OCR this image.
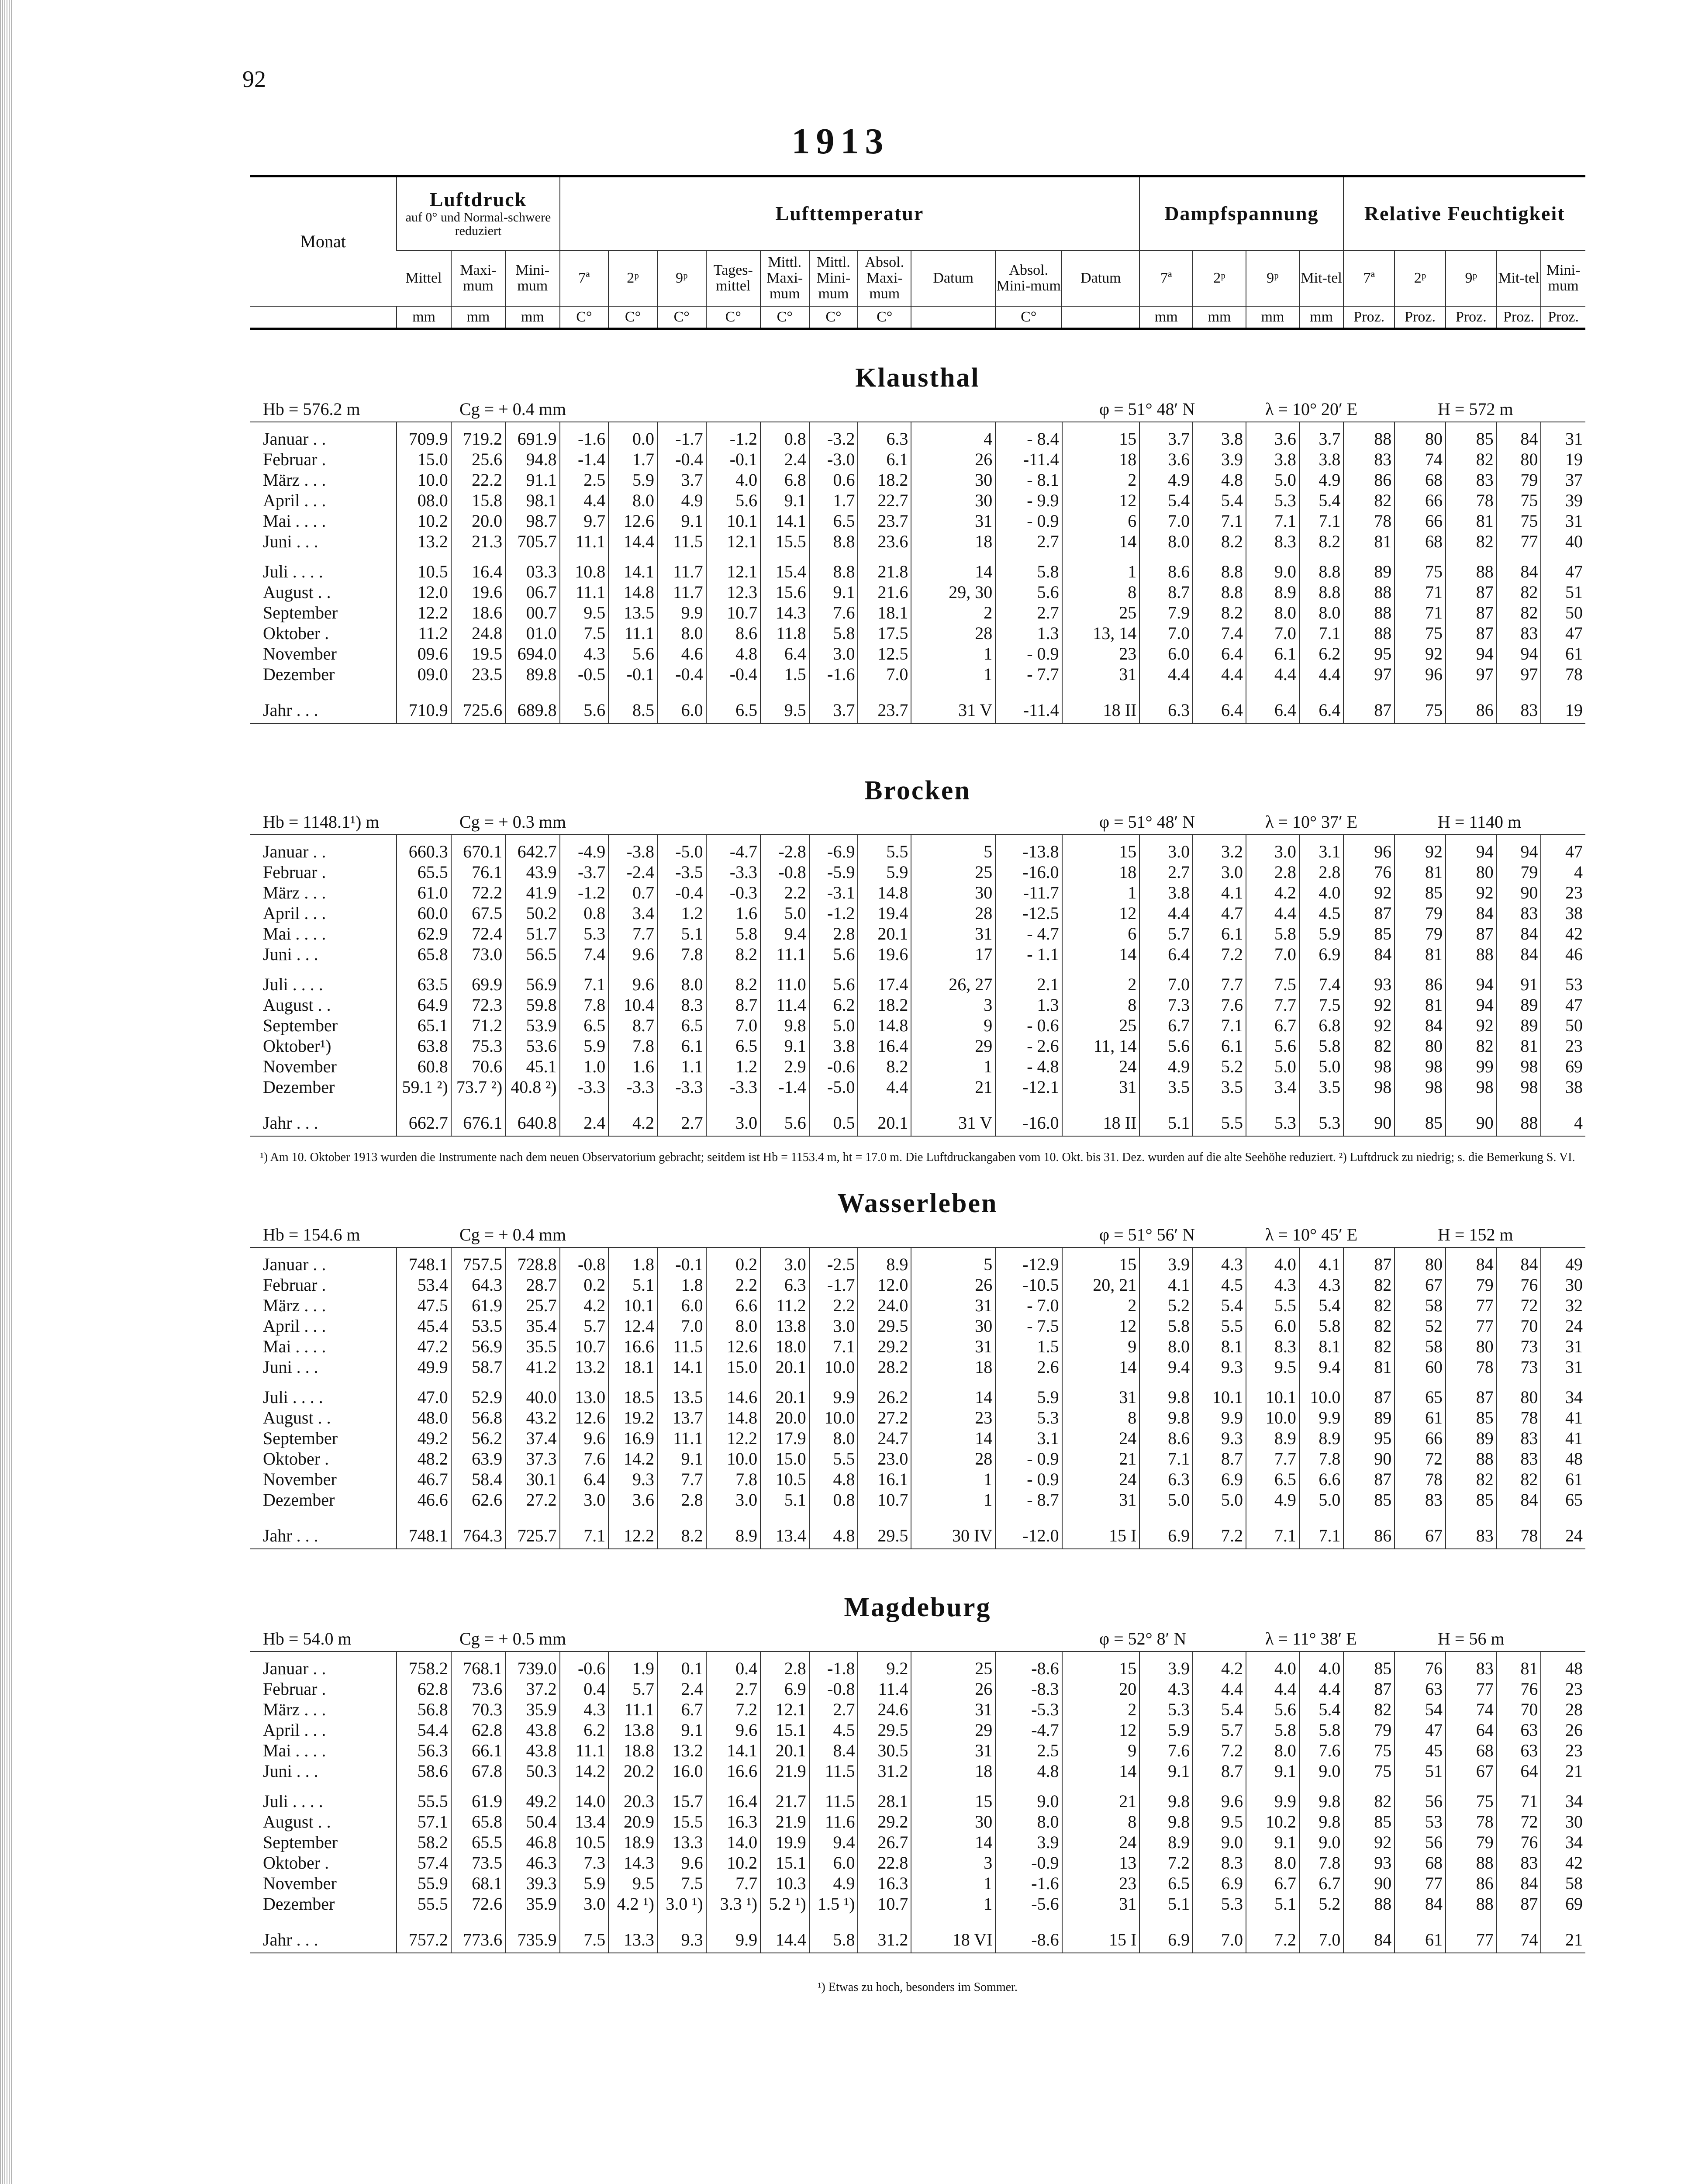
92
1913
Monat	Luftdruck
auf 0° und Normal-schwere reduziert			Lufttemperatur										Dampfspannung				Relative Feuchtigkeit				
	Mittel	Maxi-mum	Mini-mum	7ª	2ᵖ	9ᵖ	Tages-mittel	Mittl. Maxi-mum	Mittl. Mini-mum	Absol. Maxi-mum	Datum	Absol. Mini-mum	Datum	7ª	2ᵖ	9ᵖ	Mit-tel	7ª	2ᵖ	9ᵖ	Mit-tel	Mini-mum
	mm	mm	mm	C°	C°	C°	C°	C°	C°	C°		C°		mm	mm	mm	mm	Proz.	Proz.	Proz.	Proz.	Proz.
Klausthal
Hb = 576.2 m	Cg = + 0.4 mm	φ = 51° 48′ N	λ = 10° 20′ E	H = 572 m
Januar . .	709.9	719.2	691.9	-1.6	0.0	-1.7	-1.2	0.8	-3.2	6.3	4	- 8.4	15	3.7	3.8	3.6	3.7	88	80	85	84	31
Februar .	15.0	25.6	94.8	-1.4	1.7	-0.4	-0.1	2.4	-3.0	6.1	26	-11.4	18	3.6	3.9	3.8	3.8	83	74	82	80	19
März . . .	10.0	22.2	91.1	2.5	5.9	3.7	4.0	6.8	0.6	18.2	30	- 8.1	2	4.9	4.8	5.0	4.9	86	68	83	79	37
April . . .	08.0	15.8	98.1	4.4	8.0	4.9	5.6	9.1	1.7	22.7	30	- 9.9	12	5.4	5.4	5.3	5.4	82	66	78	75	39
Mai . . . .	10.2	20.0	98.7	9.7	12.6	9.1	10.1	14.1	6.5	23.7	31	- 0.9	6	7.0	7.1	7.1	7.1	78	66	81	75	31
Juni . . .	13.2	21.3	705.7	11.1	14.4	11.5	12.1	15.5	8.8	23.6	18	2.7	14	8.0	8.2	8.3	8.2	81	68	82	77	40
Juli . . . .	10.5	16.4	03.3	10.8	14.1	11.7	12.1	15.4	8.8	21.8	14	5.8	1	8.6	8.8	9.0	8.8	89	75	88	84	47
August . .	12.0	19.6	06.7	11.1	14.8	11.7	12.3	15.6	9.1	21.6	29, 30	5.6	8	8.7	8.8	8.9	8.8	88	71	87	82	51
September	12.2	18.6	00.7	9.5	13.5	9.9	10.7	14.3	7.6	18.1	2	2.7	25	7.9	8.2	8.0	8.0	88	71	87	82	50
Oktober .	11.2	24.8	01.0	7.5	11.1	8.0	8.6	11.8	5.8	17.5	28	1.3	13, 14	7.0	7.4	7.0	7.1	88	75	87	83	47
November	09.6	19.5	694.0	4.3	5.6	4.6	4.8	6.4	3.0	12.5	1	- 0.9	23	6.0	6.4	6.1	6.2	95	92	94	94	61
Dezember	09.0	23.5	89.8	-0.5	-0.1	-0.4	-0.4	1.5	-1.6	7.0	1	- 7.7	31	4.4	4.4	4.4	4.4	97	96	97	97	78
Jahr . . .	710.9	725.6	689.8	5.6	8.5	6.0	6.5	9.5	3.7	23.7	31 V	-11.4	18 II	6.3	6.4	6.4	6.4	87	75	86	83	19
Brocken
Hb = 1148.1¹) m	Cg = + 0.3 mm	φ = 51° 48′ N	λ = 10° 37′ E	H = 1140 m
Januar . .	660.3	670.1	642.7	-4.9	-3.8	-5.0	-4.7	-2.8	-6.9	5.5	5	-13.8	15	3.0	3.2	3.0	3.1	96	92	94	94	47
Februar .	65.5	76.1	43.9	-3.7	-2.4	-3.5	-3.3	-0.8	-5.9	5.9	25	-16.0	18	2.7	3.0	2.8	2.8	76	81	80	79	4
März . . .	61.0	72.2	41.9	-1.2	0.7	-0.4	-0.3	2.2	-3.1	14.8	30	-11.7	1	3.8	4.1	4.2	4.0	92	85	92	90	23
April . . .	60.0	67.5	50.2	0.8	3.4	1.2	1.6	5.0	-1.2	19.4	28	-12.5	12	4.4	4.7	4.4	4.5	87	79	84	83	38
Mai . . . .	62.9	72.4	51.7	5.3	7.7	5.1	5.8	9.4	2.8	20.1	31	- 4.7	6	5.7	6.1	5.8	5.9	85	79	87	84	42
Juni . . .	65.8	73.0	56.5	7.4	9.6	7.8	8.2	11.1	5.6	19.6	17	- 1.1	14	6.4	7.2	7.0	6.9	84	81	88	84	46
Juli . . . .	63.5	69.9	56.9	7.1	9.6	8.0	8.2	11.0	5.6	17.4	26, 27	2.1	2	7.0	7.7	7.5	7.4	93	86	94	91	53
August . .	64.9	72.3	59.8	7.8	10.4	8.3	8.7	11.4	6.2	18.2	3	1.3	8	7.3	7.6	7.7	7.5	92	81	94	89	47
September	65.1	71.2	53.9	6.5	8.7	6.5	7.0	9.8	5.0	14.8	9	- 0.6	25	6.7	7.1	6.7	6.8	92	84	92	89	50
Oktober¹)	63.8	75.3	53.6	5.9	7.8	6.1	6.5	9.1	3.8	16.4	29	- 2.6	11, 14	5.6	6.1	5.6	5.8	82	80	82	81	23
November	60.8	70.6	45.1	1.0	1.6	1.1	1.2	2.9	-0.6	8.2	1	- 4.8	24	4.9	5.2	5.0	5.0	98	98	99	98	69
Dezember	59.1 ²)	73.7 ²)	40.8 ²)	-3.3	-3.3	-3.3	-3.3	-1.4	-5.0	4.4	21	-12.1	31	3.5	3.5	3.4	3.5	98	98	98	98	38
Jahr . . .	662.7	676.1	640.8	2.4	4.2	2.7	3.0	5.6	0.5	20.1	31 V	-16.0	18 II	5.1	5.5	5.3	5.3	90	85	90	88	4
¹) Am 10. Oktober 1913 wurden die Instrumente nach dem neuen Observatorium gebracht; seitdem ist Hb = 1153.4 m, ht = 17.0 m. Die Luftdruckangaben vom 10. Okt. bis 31. Dez. wurden auf die alte Seehöhe reduziert. ²) Luftdruck zu niedrig; s. die Bemerkung S. VI.
Wasserleben
Hb = 154.6 m	Cg = + 0.4 mm	φ = 51° 56′ N	λ = 10° 45′ E	H = 152 m
Januar . .	748.1	757.5	728.8	-0.8	1.8	-0.1	0.2	3.0	-2.5	8.9	5	-12.9	15	3.9	4.3	4.0	4.1	87	80	84	84	49
Februar .	53.4	64.3	28.7	0.2	5.1	1.8	2.2	6.3	-1.7	12.0	26	-10.5	20, 21	4.1	4.5	4.3	4.3	82	67	79	76	30
März . . .	47.5	61.9	25.7	4.2	10.1	6.0	6.6	11.2	2.2	24.0	31	- 7.0	2	5.2	5.4	5.5	5.4	82	58	77	72	32
April . . .	45.4	53.5	35.4	5.7	12.4	7.0	8.0	13.8	3.0	29.5	30	- 7.5	12	5.8	5.5	6.0	5.8	82	52	77	70	24
Mai . . . .	47.2	56.9	35.5	10.7	16.6	11.5	12.6	18.0	7.1	29.2	31	1.5	9	8.0	8.1	8.3	8.1	82	58	80	73	31
Juni . . .	49.9	58.7	41.2	13.2	18.1	14.1	15.0	20.1	10.0	28.2	18	2.6	14	9.4	9.3	9.5	9.4	81	60	78	73	31
Juli . . . .	47.0	52.9	40.0	13.0	18.5	13.5	14.6	20.1	9.9	26.2	14	5.9	31	9.8	10.1	10.1	10.0	87	65	87	80	34
August . .	48.0	56.8	43.2	12.6	19.2	13.7	14.8	20.0	10.0	27.2	23	5.3	8	9.8	9.9	10.0	9.9	89	61	85	78	41
September	49.2	56.2	37.4	9.6	16.9	11.1	12.2	17.9	8.0	24.7	14	3.1	24	8.6	9.3	8.9	8.9	95	66	89	83	41
Oktober .	48.2	63.9	37.3	7.6	14.2	9.1	10.0	15.0	5.5	23.0	28	- 0.9	21	7.1	8.7	7.7	7.8	90	72	88	83	48
November	46.7	58.4	30.1	6.4	9.3	7.7	7.8	10.5	4.8	16.1	1	- 0.9	24	6.3	6.9	6.5	6.6	87	78	82	82	61
Dezember	46.6	62.6	27.2	3.0	3.6	2.8	3.0	5.1	0.8	10.7	1	- 8.7	31	5.0	5.0	4.9	5.0	85	83	85	84	65
Jahr . . .	748.1	764.3	725.7	7.1	12.2	8.2	8.9	13.4	4.8	29.5	30 IV	-12.0	15 I	6.9	7.2	7.1	7.1	86	67	83	78	24
Magdeburg
Hb = 54.0 m	Cg = + 0.5 mm	φ = 52° 8′ N	λ = 11° 38′ E	H = 56 m
Januar . .	758.2	768.1	739.0	-0.6	1.9	0.1	0.4	2.8	-1.8	9.2	25	-8.6	15	3.9	4.2	4.0	4.0	85	76	83	81	48
Februar .	62.8	73.6	37.2	0.4	5.7	2.4	2.7	6.9	-0.8	11.4	26	-8.3	20	4.3	4.4	4.4	4.4	87	63	77	76	23
März . . .	56.8	70.3	35.9	4.3	11.1	6.7	7.2	12.1	2.7	24.6	31	-5.3	2	5.3	5.4	5.6	5.4	82	54	74	70	28
April . . .	54.4	62.8	43.8	6.2	13.8	9.1	9.6	15.1	4.5	29.5	29	-4.7	12	5.9	5.7	5.8	5.8	79	47	64	63	26
Mai . . . .	56.3	66.1	43.8	11.1	18.8	13.2	14.1	20.1	8.4	30.5	31	2.5	9	7.6	7.2	8.0	7.6	75	45	68	63	23
Juni . . .	58.6	67.8	50.3	14.2	20.2	16.0	16.6	21.9	11.5	31.2	18	4.8	14	9.1	8.7	9.1	9.0	75	51	67	64	21
Juli . . . .	55.5	61.9	49.2	14.0	20.3	15.7	16.4	21.7	11.5	28.1	15	9.0	21	9.8	9.6	9.9	9.8	82	56	75	71	34
August . .	57.1	65.8	50.4	13.4	20.9	15.5	16.3	21.9	11.6	29.2	30	8.0	8	9.8	9.5	10.2	9.8	85	53	78	72	30
September	58.2	65.5	46.8	10.5	18.9	13.3	14.0	19.9	9.4	26.7	14	3.9	24	8.9	9.0	9.1	9.0	92	56	79	76	34
Oktober .	57.4	73.5	46.3	7.3	14.3	9.6	10.2	15.1	6.0	22.8	3	-0.9	13	7.2	8.3	8.0	7.8	93	68	88	83	42
November	55.9	68.1	39.3	5.9	9.5	7.5	7.7	10.3	4.9	16.3	1	-1.6	23	6.5	6.9	6.7	6.7	90	77	86	84	58
Dezember	55.5	72.6	35.9	3.0	4.2 ¹)	3.0 ¹)	3.3 ¹)	5.2 ¹)	1.5 ¹)	10.7	1	-5.6	31	5.1	5.3	5.1	5.2	88	84	88	87	69
Jahr . . .	757.2	773.6	735.9	7.5	13.3	9.3	9.9	14.4	5.8	31.2	18 VI	-8.6	15 I	6.9	7.0	7.2	7.0	84	61	77	74	21
¹) Etwas zu hoch, besonders im Sommer.
